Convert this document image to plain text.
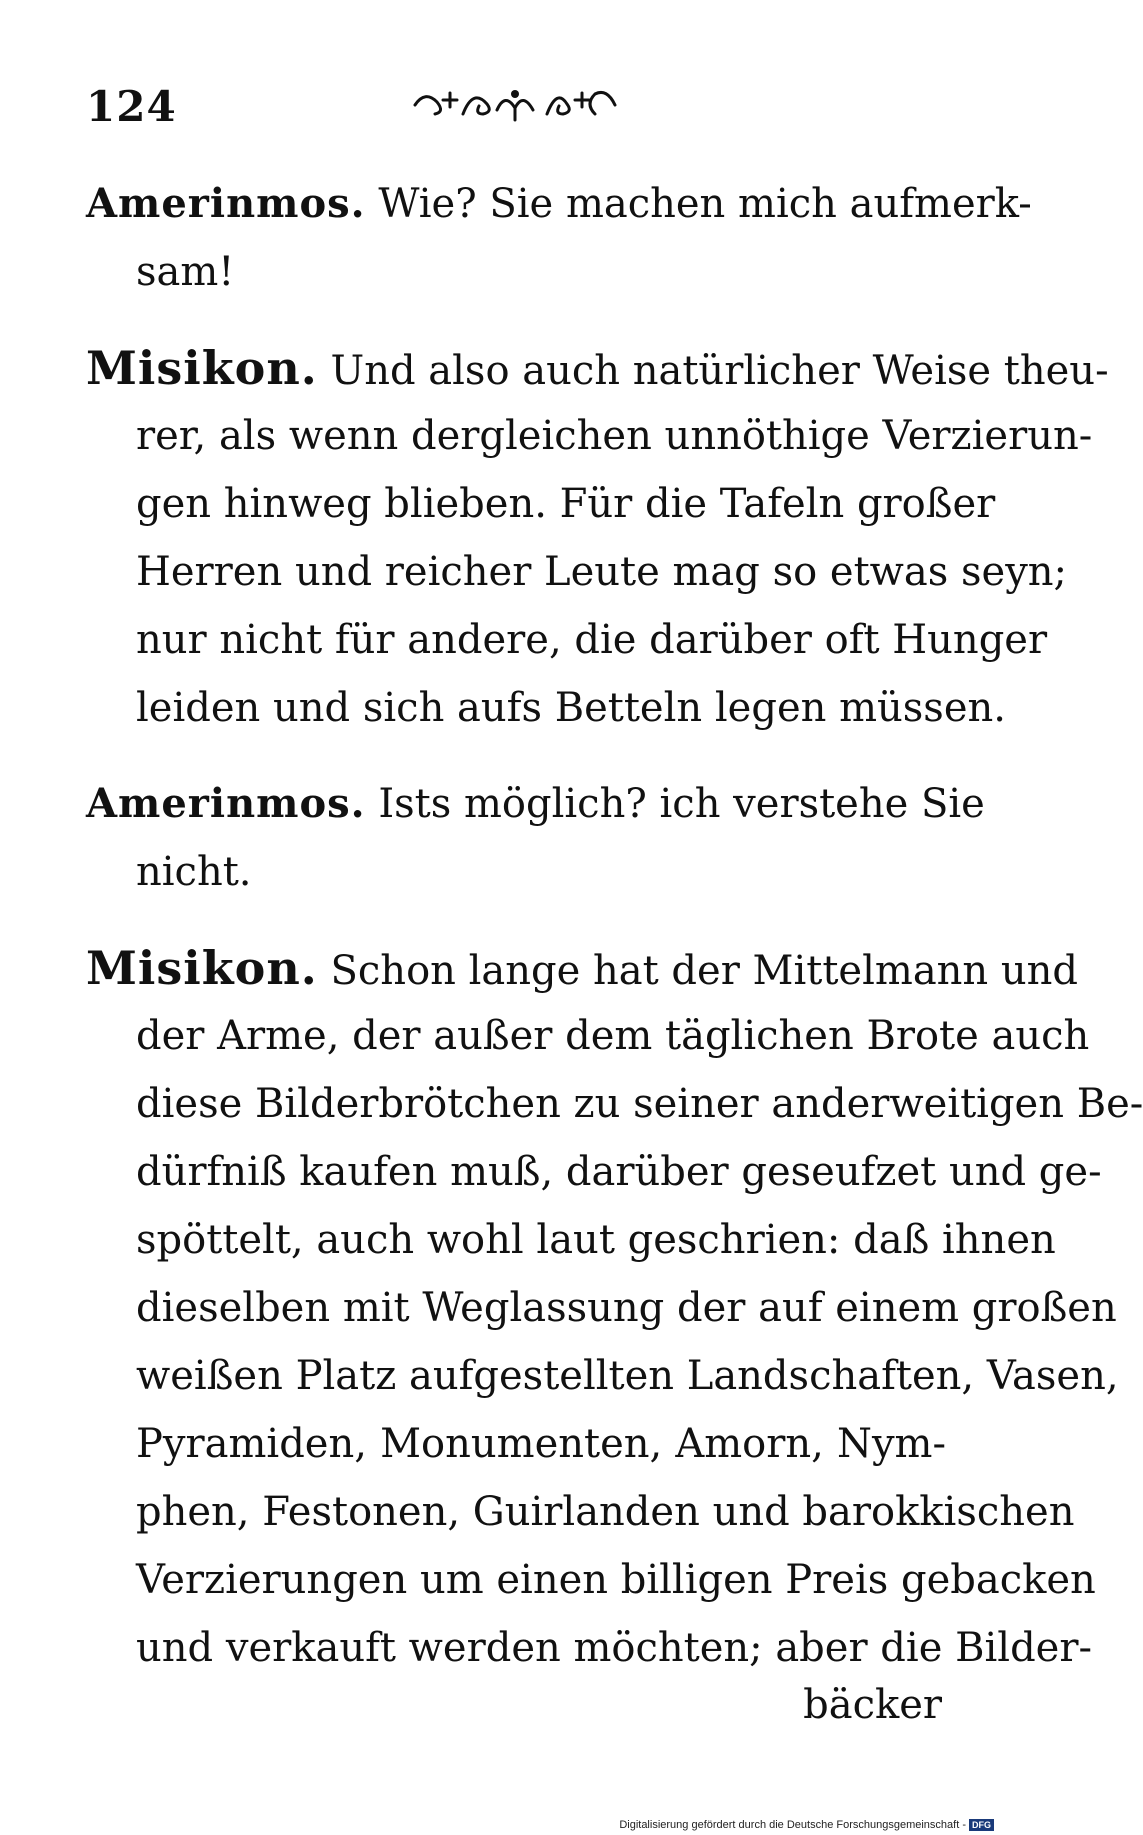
124
Amerinmos. Wie? Sie machen mich aufmerk-
sam!
Misikon. Und also auch natürlicher Weise theu-
rer, als wenn dergleichen unnöthige Verzierun-
gen hinweg blieben. Für die Tafeln großer
Herren und reicher Leute mag so etwas seyn;
nur nicht für andere, die darüber oft Hunger
leiden und sich aufs Betteln legen müssen.
Amerinmos. Ists möglich? ich verstehe Sie
nicht.
Misikon. Schon lange hat der Mittelmann und
der Arme, der außer dem täglichen Brote auch
diese Bilderbrötchen zu seiner anderweitigen Be-
dürfniß kaufen muß, darüber geseufzet und ge-
spöttelt, auch wohl laut geschrien: daß ihnen
dieselben mit Weglassung der auf einem großen
weißen Platz aufgestellten Landschaften, Vasen,
Pyramiden, Monumenten, Amorn, Nym-
phen, Festonen, Guirlanden und barokkischen
Verzierungen um einen billigen Preis gebacken
und verkauft werden möchten; aber die Bilder-
bäcker
Digitalisierung gefördert durch die Deutsche Forschungsgemeinschaft - DFG
